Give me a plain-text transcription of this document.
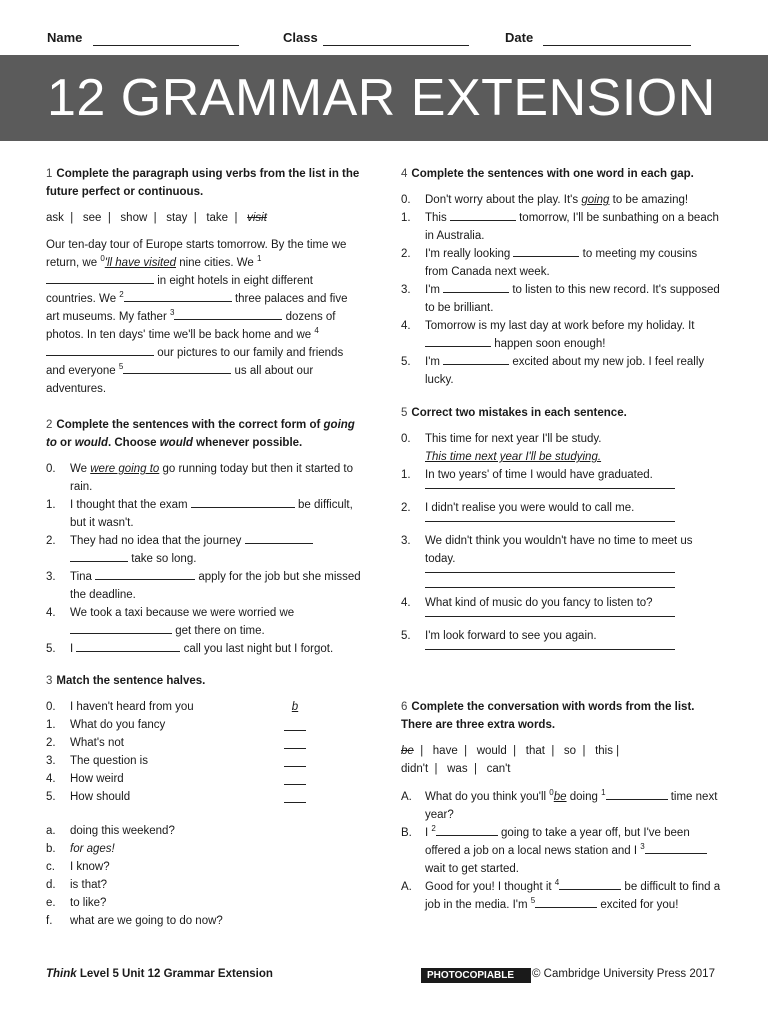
Name	Class	Date
12 GRAMMAR EXTENSION
1 Complete the paragraph using verbs from the list in the future perfect or continuous.
ask | see | show | stay | take | visit
Our ten-day tour of Europe starts tomorrow. By the time we return, we $^0$'ll have visited nine cities. We $^1$ in eight hotels in eight different countries. We $^2$	three palaces and five art museums. My father $^3$	dozens of photos. In ten days' time we'll be back home and we $^4$ our pictures to our family and friends and everyone $^5$	us all about our adventures.
2 Complete the sentences with the correct form of going to or would. Choose would whenever possible.
0. We were going to go running today but then it started to rain.
1. I thought that the exam	be difficult, but it wasn't.
2. They had no idea that the journey   take so long.
3. Tina	apply for the job but she missed the deadline.
4. We took a taxi because we were worried we  get there on time.
5. I	call you last night but I forgot.
3 Match the sentence halves.
0. I haven't heard from you	b
1. What do you fancy
2. What's not
3. The question is
4. How weird
5. How should
a. doing this weekend?
b. for ages!
c. I know?
d. is that?
e. to like?
f. what are we going to do now?
4 Complete the sentences with one word in each gap.
0. Don't worry about the play. It's going to be amazing!
1. This	tomorrow, I'll be sunbathing on a beach in Australia.
2. I'm really looking	to meeting my cousins from Canada next week.
3. I'm	to listen to this new record. It's supposed to be brilliant.
4. Tomorrow is my last day at work before my holiday. It  happen soon enough!
5. I'm	excited about my new job. I feel really lucky.
5 Correct two mistakes in each sentence.
0. This time for next year I'll be study.
This time next year I'll be studying.
1. In two years' of time I would have graduated.
2. I didn't realise you were would to call me.
3. We didn't think you wouldn't have no time to meet us today.
4. What kind of music do you fancy to listen to?
5. I'm look forward to see you again.
6 Complete the conversation with words from the list. There are three extra words.
be | have | would | that | so | this |
didn't | was | can't
A. What do you think you'll $^0$be doing $^1$	time next year?
B. I $^2$	going to take a year off, but I've been offered a job on a local news station and I $^3$ wait to get started.
A. Good for you! I thought it $^4$	be difficult to find a job in the media. I'm $^5$	excited for you!
Think Level 5 Unit 12 Grammar Extension	PHOTOCOPIABLE	© Cambridge University Press 2017
